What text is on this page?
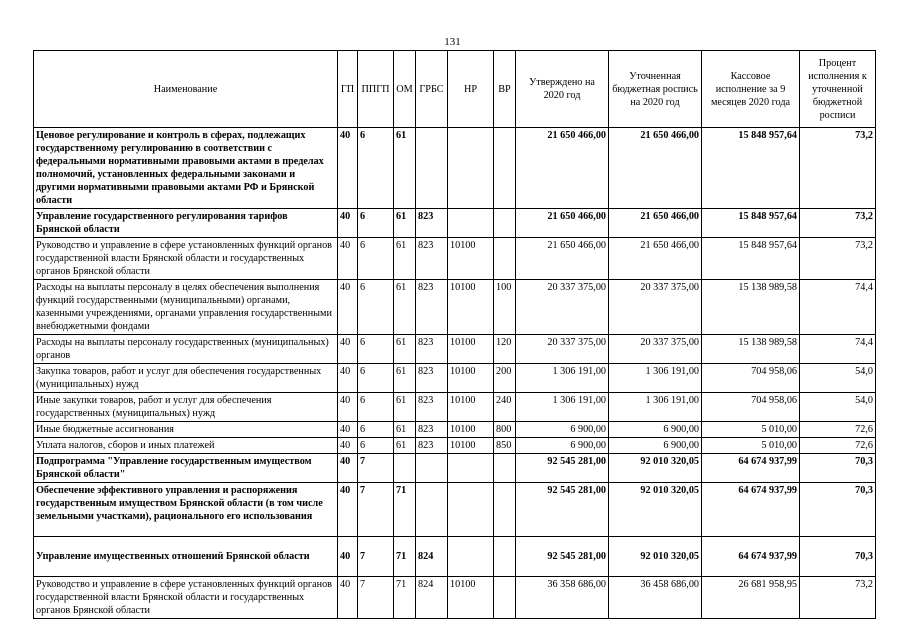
131
Наименование	ГП	ППГП	ОМ	ГРБС	НР	ВР	Утверждено на 2020 год	Уточненная бюджетная роспись на 2020 год	Кассовое исполнение за 9 месяцев 2020 года	Процент исполнения к уточненной бюджетной росписи
Ценовое регулирование и контроль в сферах, подлежащих государственному регулированию в соответствии с федеральными нормативными правовыми актами в пределах полномочий, установленных федеральными законами и другими нормативными правовыми актами РФ и Брянской области	40	6	61				21 650 466,00	21 650 466,00	15 848 957,64	73,2
Управление государственного регулирования тарифов Брянской области	40	6	61	823			21 650 466,00	21 650 466,00	15 848 957,64	73,2
Руководство и управление в сфере установленных функций органов государственной власти Брянской области и государственных органов Брянской области	40	6	61	823	10100		21 650 466,00	21 650 466,00	15 848 957,64	73,2
Расходы на выплаты персоналу в целях обеспечения выполнения функций государственными (муниципальными) органами, казенными учреждениями, органами управления государственными внебюджетными фондами	40	6	61	823	10100	100	20 337 375,00	20 337 375,00	15 138 989,58	74,4
Расходы на выплаты персоналу государственных (муниципальных) органов	40	6	61	823	10100	120	20 337 375,00	20 337 375,00	15 138 989,58	74,4
Закупка товаров, работ и услуг для обеспечения государственных (муниципальных) нужд	40	6	61	823	10100	200	1 306 191,00	1 306 191,00	704 958,06	54,0
Иные закупки товаров, работ и услуг для обеспечения государственных (муниципальных) нужд	40	6	61	823	10100	240	1 306 191,00	1 306 191,00	704 958,06	54,0
Иные бюджетные ассигнования	40	6	61	823	10100	800	6 900,00	6 900,00	5 010,00	72,6
Уплата налогов, сборов и иных платежей	40	6	61	823	10100	850	6 900,00	6 900,00	5 010,00	72,6
Подпрограмма "Управление государственным имуществом Брянской области"	40	7					92 545 281,00	92 010 320,05	64 674 937,99	70,3
Обеспечение эффективного управления и распоряжения государственным имуществом Брянской области (в том числе земельными участками), рационального его использования	40	7	71				92 545 281,00	92 010 320,05	64 674 937,99	70,3
Управление имущественных отношений Брянской области	40	7	71	824			92 545 281,00	92 010 320,05	64 674 937,99	70,3
Руководство и управление в сфере установленных функций органов государственной власти Брянской области и государственных органов Брянской области	40	7	71	824	10100		36 358 686,00	36 458 686,00	26 681 958,95	73,2
